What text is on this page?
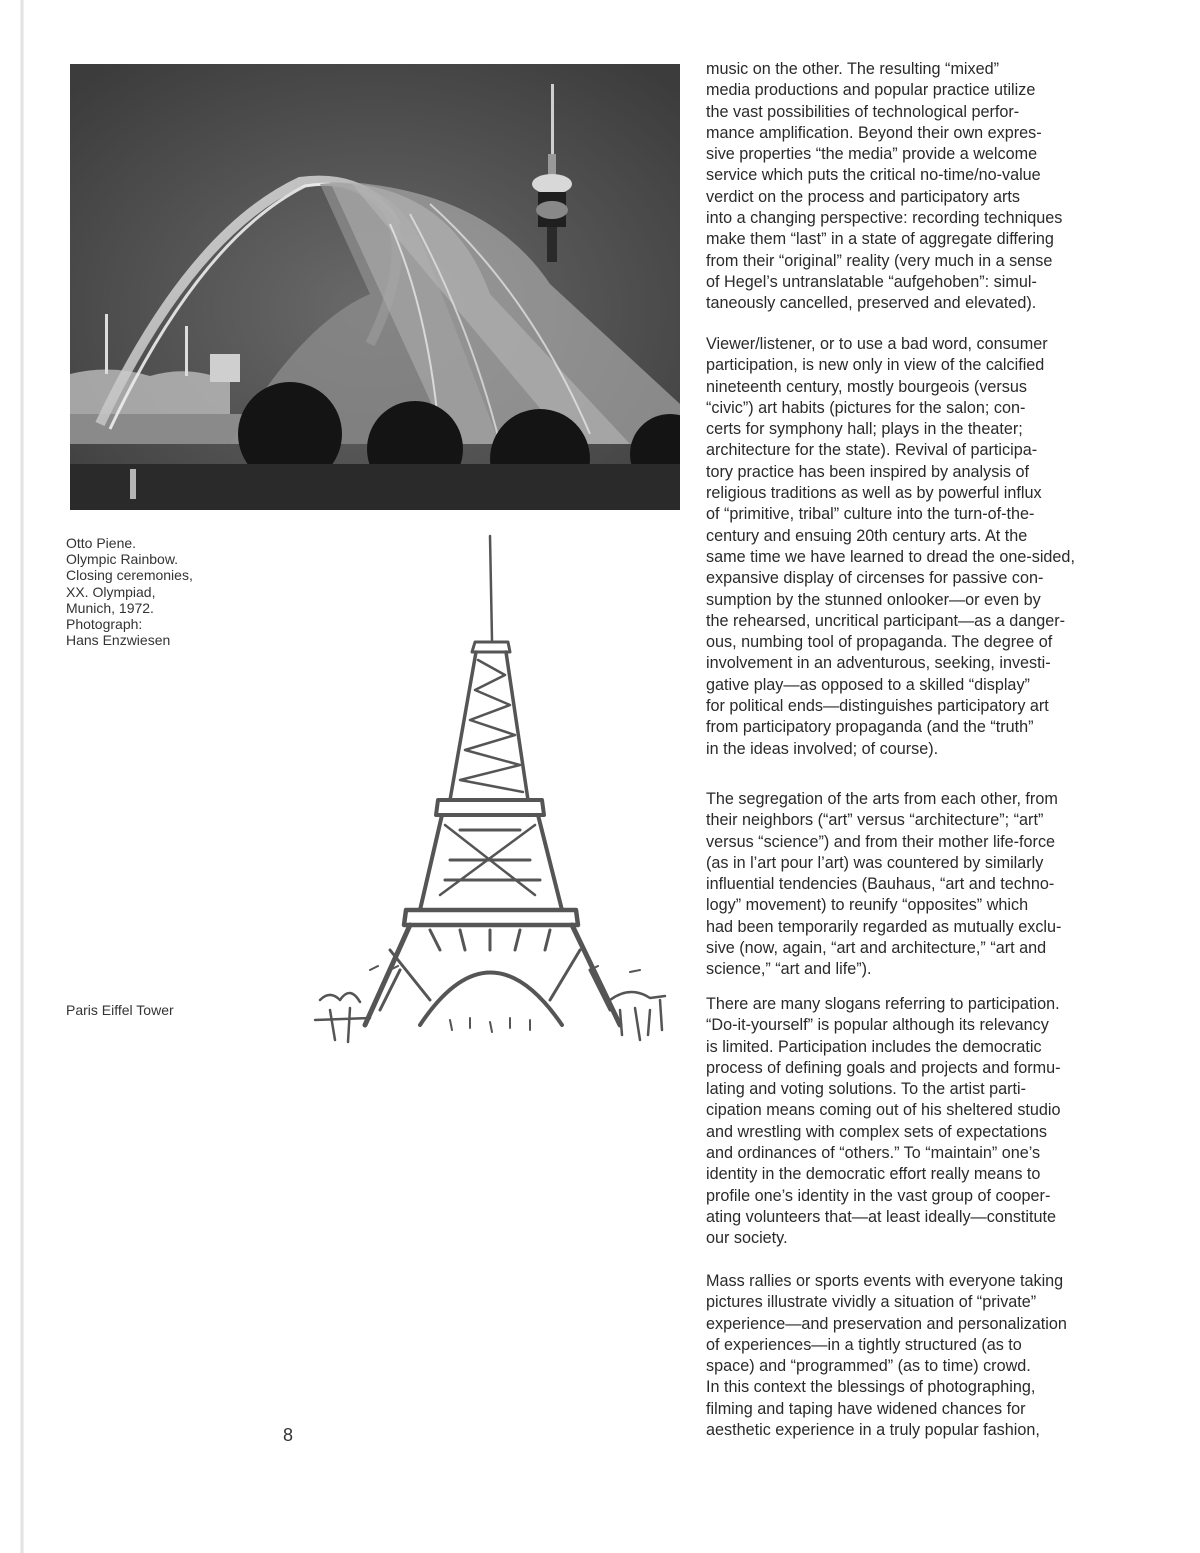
Otto Piene.
Olympic Rainbow.
Closing ceremonies,
XX. Olympiad,
Munich, 1972.
Photograph:
Hans Enzwiesen
Paris Eiffel Tower
music on the other. The resulting “mixed”
media productions and popular practice utilize
the vast possibilities of technological perfor-
mance amplification. Beyond their own expres-
sive properties “the media” provide a welcome
service which puts the critical no-time/no-value
verdict on the process and participatory arts
into a changing perspective: recording techniques
make them “last” in a state of aggregate differing
from their “original” reality (very much in a sense
of Hegel’s untranslatable “aufgehoben”: simul-
taneously cancelled, preserved and elevated).
Viewer/listener, or to use a bad word, consumer
participation, is new only in view of the calcified
nineteenth century, mostly bourgeois (versus
“civic”) art habits (pictures for the salon; con-
certs for symphony hall; plays in the theater;
architecture for the state). Revival of participa-
tory practice has been inspired by analysis of
religious traditions as well as by powerful influx
of “primitive, tribal” culture into the turn-of-the-
century and ensuing 20th century arts. At the
same time we have learned to dread the one-sided,
expansive display of circenses for passive con-
sumption by the stunned onlooker—or even by
the rehearsed, uncritical participant—as a danger-
ous, numbing tool of propaganda. The degree of
involvement in an adventurous, seeking, investi-
gative play—as opposed to a skilled “display”
for political ends—distinguishes participatory art
from participatory propaganda (and the “truth”
in the ideas involved; of course).
The segregation of the arts from each other, from
their neighbors (“art” versus “architecture”; “art”
versus “science”) and from their mother life-force
(as in l’art pour l’art) was countered by similarly
influential tendencies (Bauhaus, “art and techno-
logy” movement) to reunify “opposites” which
had been temporarily regarded as mutually exclu-
sive (now, again, “art and architecture,” “art and
science,” “art and life”).
There are many slogans referring to participation.
“Do-it-yourself” is popular although its relevancy
is limited. Participation includes the democratic
process of defining goals and projects and formu-
lating and voting solutions. To the artist parti-
cipation means coming out of his sheltered studio
and wrestling with complex sets of expectations
and ordinances of “others.” To “maintain” one’s
identity in the democratic effort really means to
profile one’s identity in the vast group of cooper-
ating volunteers that—at least ideally—constitute
our society.
Mass rallies or sports events with everyone taking
pictures illustrate vividly a situation of “private”
experience—and preservation and personalization
of experiences—in a tightly structured (as to
space) and “programmed” (as to time) crowd.
In this context the blessings of photographing,
filming and taping have widened chances for
aesthetic experience in a truly popular fashion,
8
